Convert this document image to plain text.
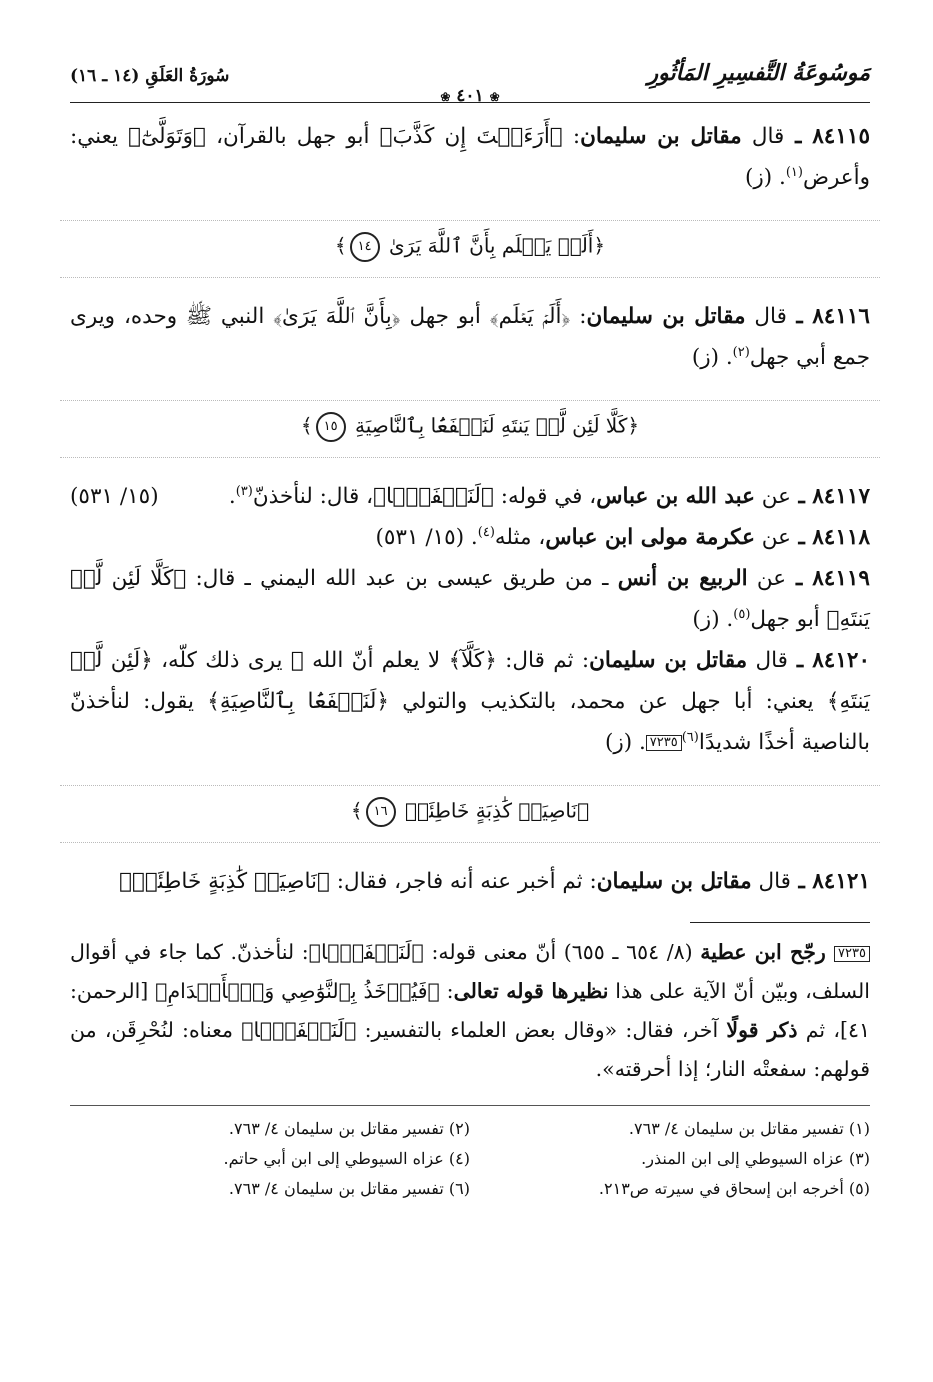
مَوسُوعَةُ التَّفسِيرِ المَأثُورِ
سُورَةُ العَلَقِ (١٤ ـ ١٦)
❀ ٤٠١ ❀

٨٤١١٥ ـ قال مقاتل بن سليمان: ﴿أَرَءَيۡتَ إِن كَذَّبَ﴾ أبو جهل بالقرآن، ﴿وَتَوَلَّىٰٓ﴾ يعني: وأعرض$^{(١)}$. (ز)

﴿أَلَمۡ يَعۡلَم بِأَنَّ ٱللَّهَ يَرَىٰ ١٤﴾

٨٤١١٦ ـ قال مقاتل بن سليمان: ﴿أَلَمۡ يَعۡلَم﴾ أبو جهل ﴿بِأَنَّ ٱللَّهَ يَرَىٰ﴾ النبي ﷺ وحده، ويرى جمع أبي جهل$^{(٢)}$. (ز)

﴿كَلَّا لَئِن لَّمۡ يَنتَهِ لَنَسۡفَعَۢا بِٱلنَّاصِيَةِ ١٥﴾

٨٤١١٧ ـ عن عبد الله بن عباس، في قوله: ﴿لَنَسۡفَعَۢا﴾، قال: لنأخذنّ$^{(٣)}$.
(١٥/ ٥٣١)

٨٤١١٨ ـ عن عكرمة مولى ابن عباس، مثله$^{(٤)}$. (١٥/ ٥٣١)

٨٤١١٩ ـ عن الربيع بن أنس ـ من طريق عيسى بن عبد الله اليمني ـ قال: ﴿كَلَّا لَئِن لَّمۡ يَنتَهِ﴾ أبو جهل$^{(٥)}$. (ز)

٨٤١٢٠ ـ قال مقاتل بن سليمان: ثم قال: ﴿كَلَّآ﴾ لا يعلم أنّ الله ﷻ يرى ذلك كلّه، ﴿لَئِن لَّمۡ يَنتَهِ﴾ يعني: أبا جهل عن محمد، بالتكذيب والتولي ﴿لَنَسۡفَعَۢا بِٱلنَّاصِيَةِ﴾ يقول: لنأخذنّ بالناصية أخذًا شديدًا$^{(٦)}$٧٢٣٥. (ز)

﴿نَاصِيَةٖ كَٰذِبَةٍ خَاطِئَةٖ ١٦﴾

٨٤١٢١ ـ قال مقاتل بن سليمان: ثم أخبر عنه أنه فاجر، فقال: ﴿نَاصِيَةٖ كَٰذِبَةٍ خَاطِئَةٖ﴾

٧٢٣٥ رجّح ابن عطية (٨/ ٦٥٤ ـ ٦٥٥) أنّ معنى قوله: ﴿لَنَسۡفَعَۢا﴾: لنأخذنّ. كما جاء في أقوال السلف، وبيّن أنّ الآية على هذا نظيرها قوله تعالى: ﴿فَيُؤۡخَذُ بِٱلنَّوَٰصِي وَٱلۡأَقۡدَامِ﴾ [الرحمن: ٤١]، ثم ذكر قولًا آخر، فقال: «وقال بعض العلماء بالتفسير: ﴿لَنَسۡفَعَۢا﴾ معناه: لنُحْرِقَن، من قولهم: سفعتْه النار؛ إذا أحرقته».

(١) تفسير مقاتل بن سليمان ٤/ ٧٦٣.
(٢) تفسير مقاتل بن سليمان ٤/ ٧٦٣.
(٣) عزاه السيوطي إلى ابن المنذر.
(٤) عزاه السيوطي إلى ابن أبي حاتم.
(٥) أخرجه ابن إسحاق في سيرته ص٢١٣.
(٦) تفسير مقاتل بن سليمان ٤/ ٧٦٣.
